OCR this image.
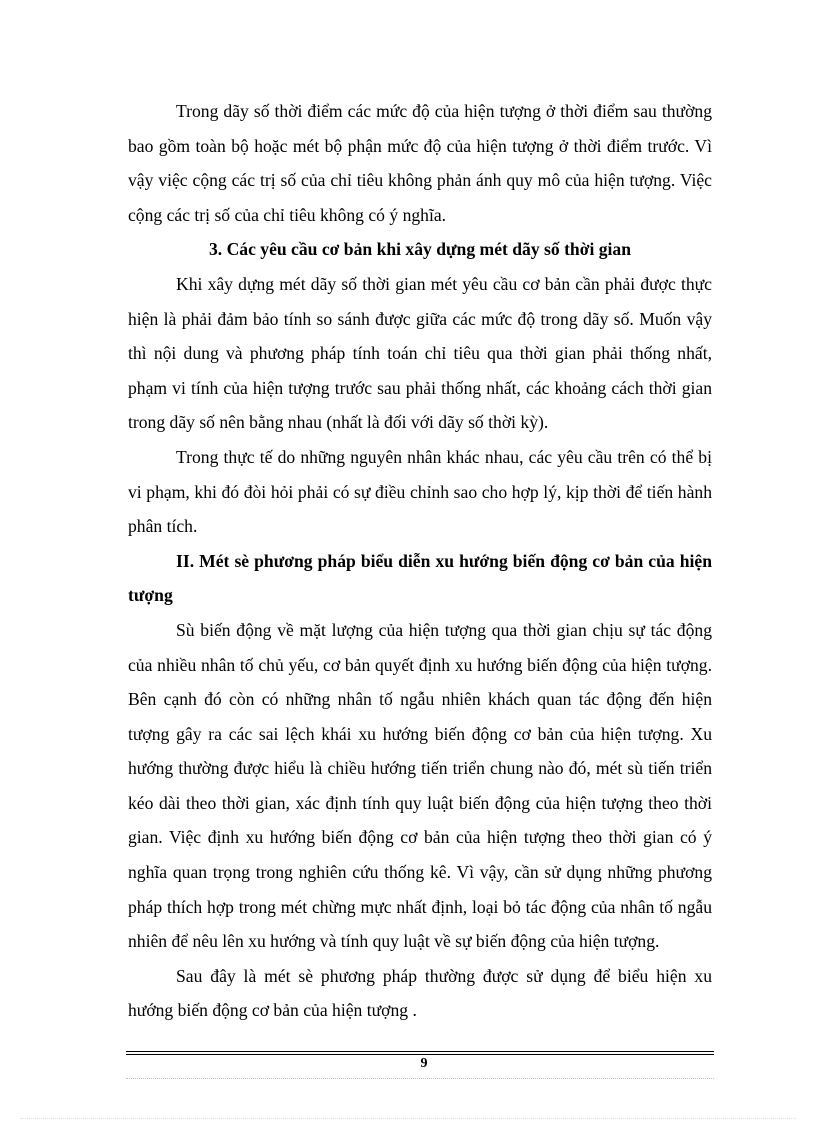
Trong dãy số thời điểm các mức độ của hiện tượng ở thời điểm sau thường bao gồm toàn bộ hoặc mét bộ phận mức độ của hiện tượng ở thời điểm trước. Vì vậy việc cộng các trị số của chỉ tiêu không phản ánh quy mô của hiện tượng. Việc cộng các trị số của chỉ tiêu không có ý nghĩa.

3. Các yêu cầu cơ bản khi xây dựng mét dãy số thời gian

Khi xây dựng mét dãy số thời gian mét yêu cầu cơ bản cần phải được thực hiện là phải đảm bảo tính so sánh được giữa các mức độ trong dãy số. Muốn vậy thì nội dung và phương pháp tính toán chỉ tiêu qua thời gian phải thống nhất, phạm vi tính của hiện tượng trước sau phải thống nhất, các khoảng cách thời gian trong dãy số nên bằng nhau (nhất là đối với dãy số thời kỳ).

Trong thực tế do những nguyên nhân khác nhau, các yêu cầu trên có thể bị vi phạm, khi đó đòi hỏi phải có sự điều chỉnh sao cho hợp lý, kịp thời để tiến hành phân tích.

II. Mét sè phương pháp biểu diễn xu hướng biến động cơ bản của hiện tượng

Sù biến động về mặt lượng của hiện tượng qua thời gian chịu sự tác động của nhiều nhân tố chủ yếu, cơ bản quyết định xu hướng biến động của hiện tượng. Bên cạnh đó còn có những nhân tố ngẫu nhiên khách quan tác động đến hiện tượng gây ra các sai lệch khái xu hướng biến động cơ bản của hiện tượng. Xu hướng thường được hiểu là chiều hướng tiến triển chung nào đó, mét sù tiến triển kéo dài theo thời gian, xác định tính quy luật biến động của hiện tượng theo thời gian. Việc định xu hướng biến động cơ bản của hiện tượng theo thời gian có ý nghĩa quan trọng trong nghiên cứu thống kê. Vì vậy, cần sử dụng những phương pháp thích hợp trong mét chừng mực nhất định, loại bỏ tác động của nhân tố ngẫu nhiên để nêu lên xu hướng và tính quy luật về sự biến động của hiện tượng.

Sau đây là mét sè phương pháp thường được sử dụng để biểu hiện xu hướng biến động cơ bản của hiện tượng .

9
